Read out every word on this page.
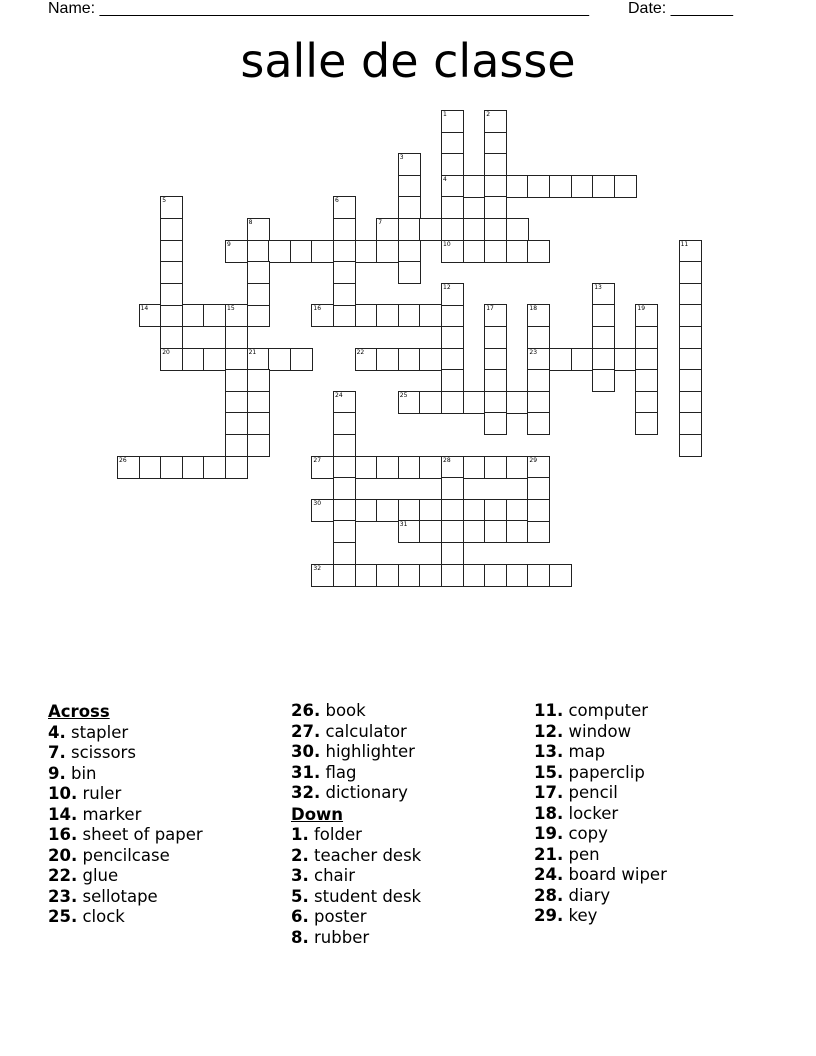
Name: _______________________________________________________ Date: _______
salle de classe
4
7
9	10
14	15	16
20	21	22	23
25
26	27	28
30
31
32
1	2
3
5	6
8
11
12	13
17	18	19
24
29
Across
4. stapler
7. scissors
9. bin
10. ruler
14. marker
16. sheet of paper
20. pencilcase
22. glue
23. sellotape
25. clock
26. book
27. calculator
30. highlighter
31. flag
32. dictionary
Down
1. folder
2. teacher desk
3. chair
5. student desk
6. poster
8. rubber
11. computer
12. window
13. map
15. paperclip
17. pencil
18. locker
19. copy
21. pen
24. board wiper
28. diary
29. key
